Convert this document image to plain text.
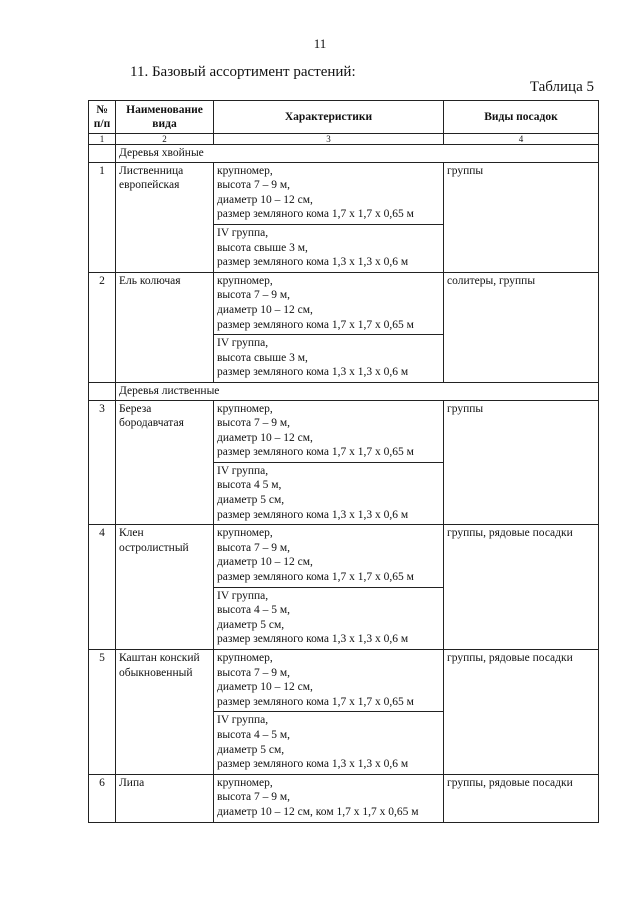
11
11. Базовый ассортимент растений:
Таблица 5
№ п/п	Наименование вида	Характеристики	Виды посадок
1	2	3	4
	Деревья хвойные		
1	Лиственница европейская	крупномер,
высота 7 – 9 м,
диаметр 10 – 12 см,
размер земляного кома 1,7 х 1,7 х 0,65 м	группы
		IV группа,
высота свыше 3 м,
размер земляного кома 1,3 х 1,3 х 0,6 м	
2	Ель колючая	крупномер,
высота 7 – 9 м,
диаметр 10 – 12 см,
размер земляного кома 1,7 х 1,7 х 0,65 м	солитеры, группы
		IV группа,
высота свыше 3 м,
размер земляного кома 1,3 х 1,3 х 0,6 м	
	Деревья лиственные		
3	Береза бородавчатая	крупномер,
высота 7 – 9 м,
диаметр 10 – 12 см,
размер земляного кома 1,7 х 1,7 х 0,65 м	группы
		IV группа,
высота 4 5 м,
диаметр 5 см,
размер земляного кома 1,3 х 1,3 х 0,6 м	
4	Клен остролистный	крупномер,
высота 7 – 9 м,
диаметр 10 – 12 см,
размер земляного кома 1,7 х 1,7 х 0,65 м	группы, рядовые посадки
		IV группа,
высота 4 – 5 м,
диаметр 5 см,
размер земляного кома 1,3 х 1,3 х 0,6 м	
5	Каштан конский обыкновенный	крупномер,
высота 7 – 9 м,
диаметр 10 – 12 см,
размер земляного кома 1,7 х 1,7 х 0,65 м	группы, рядовые посадки
		IV группа,
высота 4 – 5 м,
диаметр 5 см,
размер земляного кома 1,3 х 1,3 х 0,6 м	
6	Липа	крупномер,
высота 7 – 9 м,
диаметр 10 – 12 см, ком 1,7 х 1,7 х 0,65 м	группы, рядовые посадки
